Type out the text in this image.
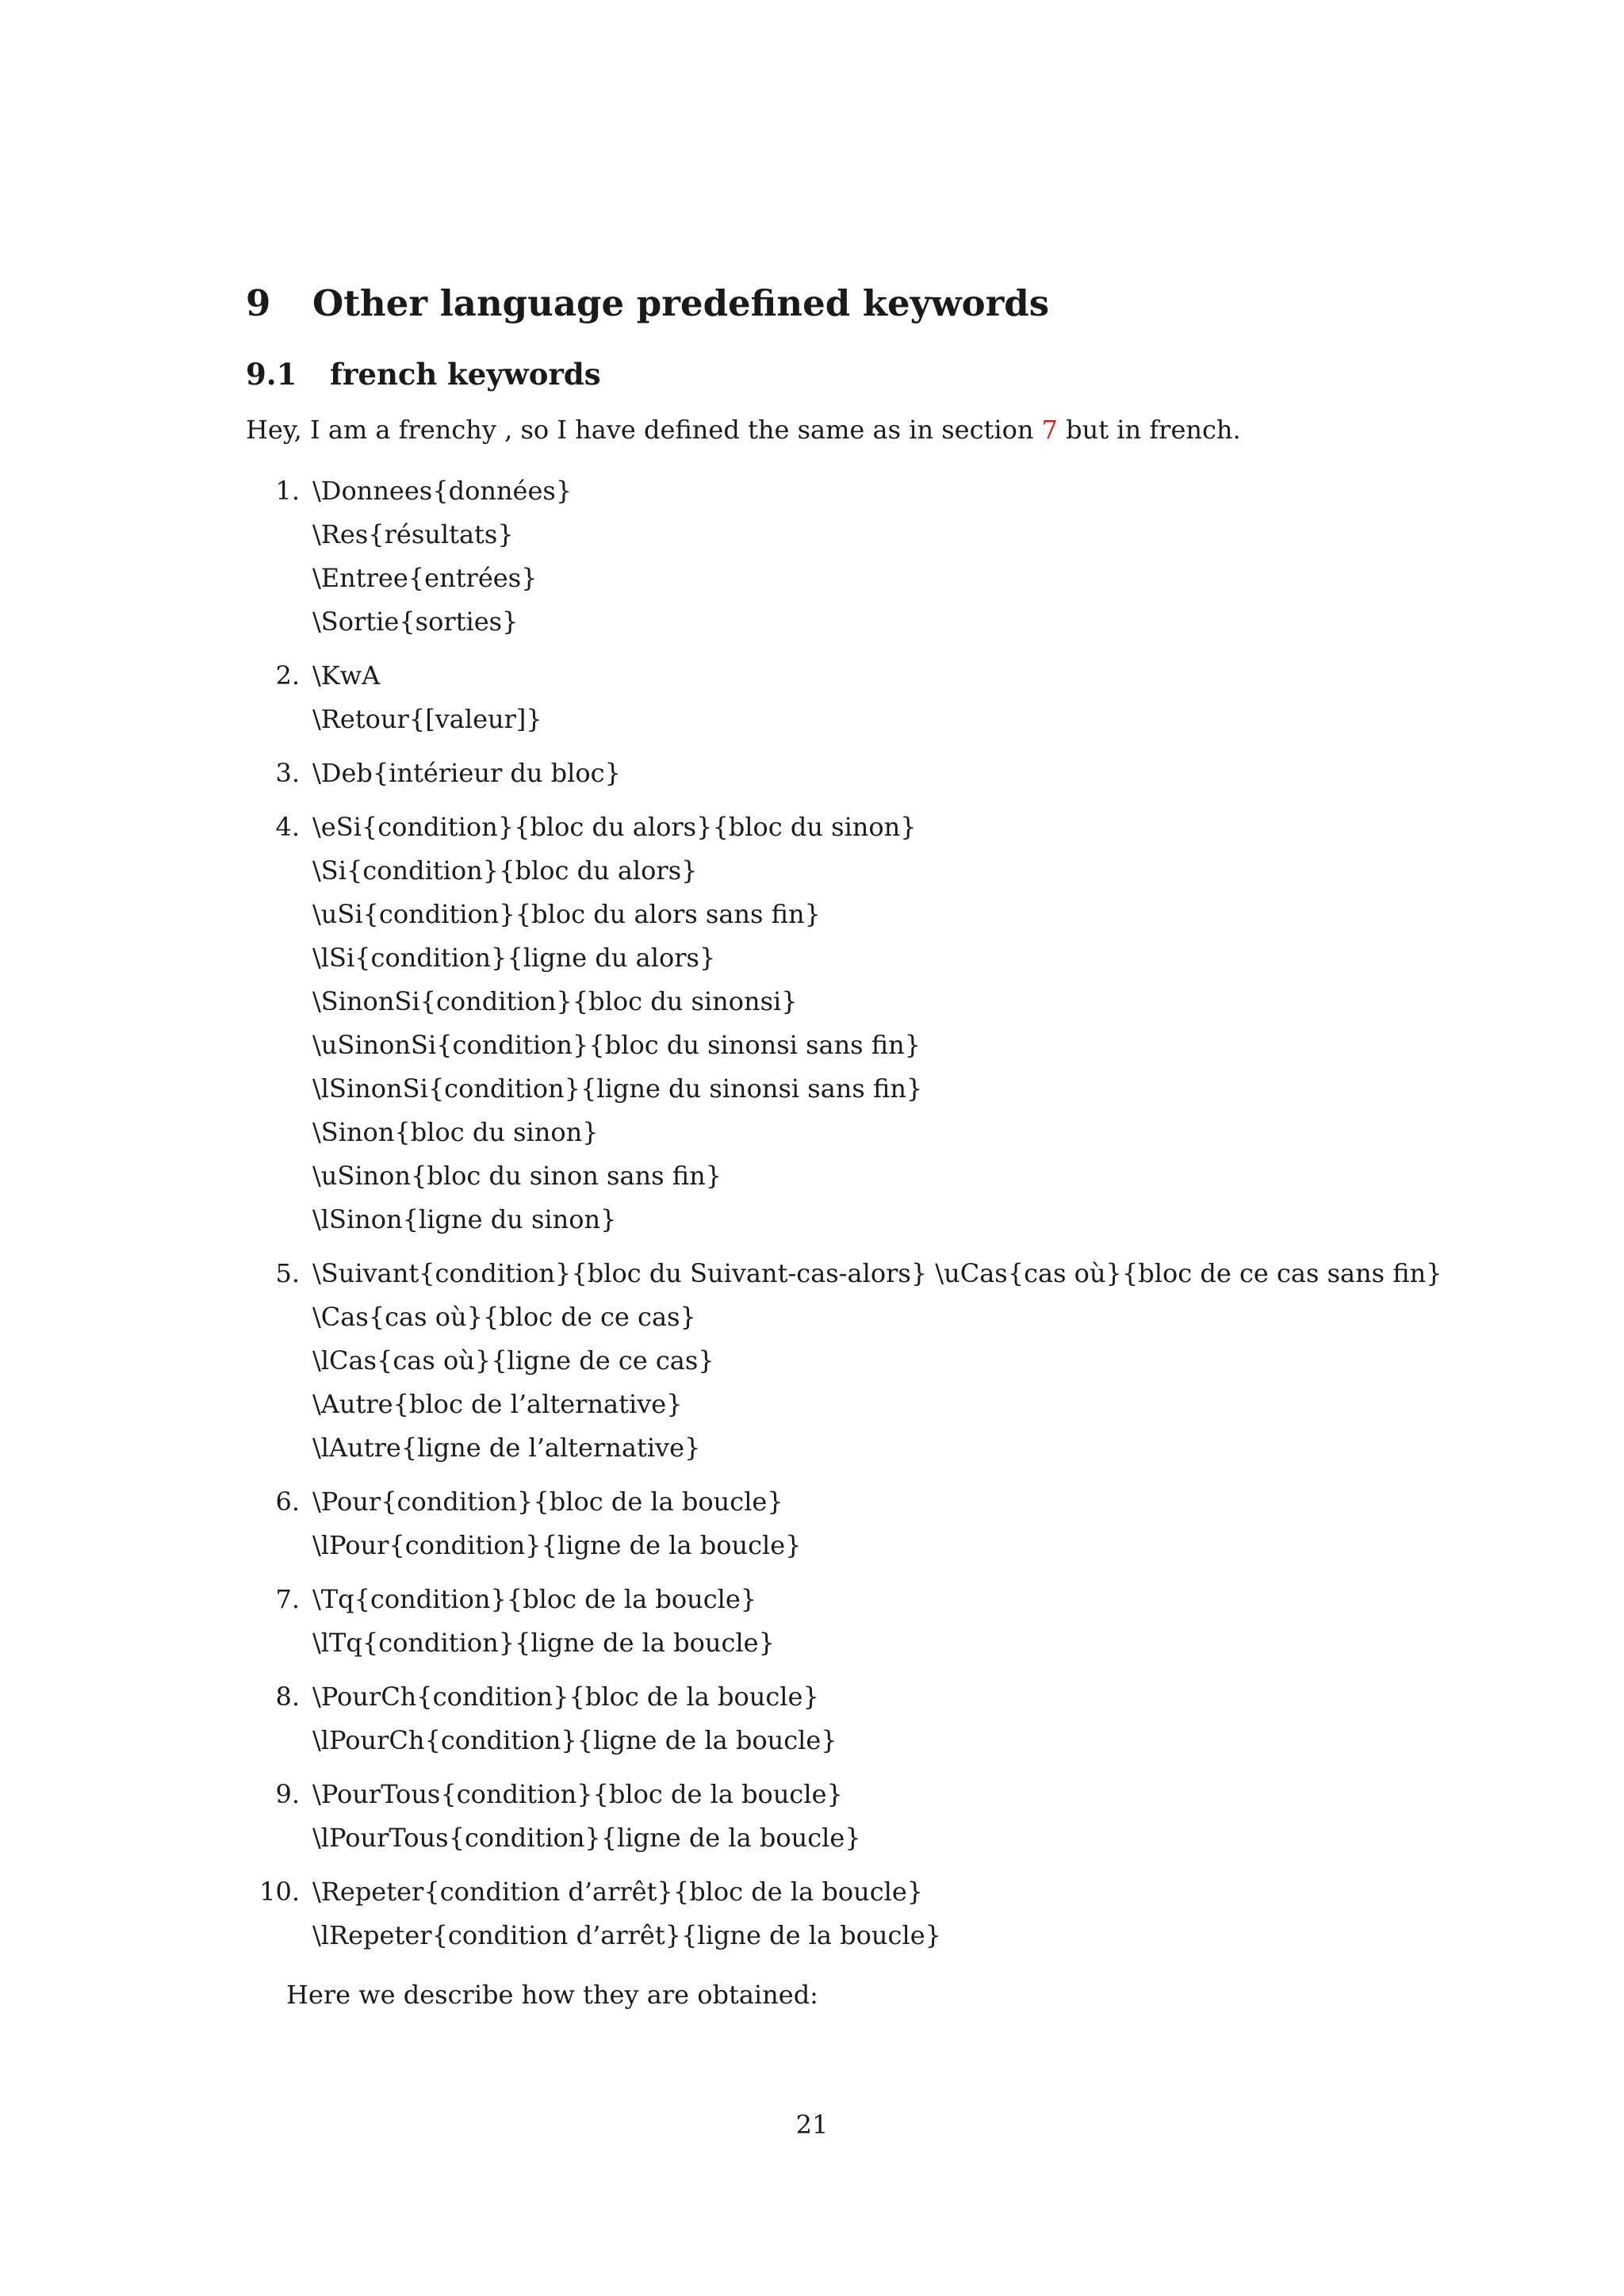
9 Other language predefined keywords
9.1 french keywords

Hey, I am a frenchy , so I have defined the same as in section 7 but in french.

1. \Donnees{données}
\Res{résultats}
\Entree{entrées}
\Sortie{sorties}
2. \KwA
\Retour{[valeur]}
3. \Deb{intérieur du bloc}
4. \eSi{condition}{bloc du alors}{bloc du sinon}
\Si{condition}{bloc du alors}
\uSi{condition}{bloc du alors sans fin}
\lSi{condition}{ligne du alors}
\SinonSi{condition}{bloc du sinonsi}
\uSinonSi{condition}{bloc du sinonsi sans fin}
\lSinonSi{condition}{ligne du sinonsi sans fin}
\Sinon{bloc du sinon}
\uSinon{bloc du sinon sans fin}
\lSinon{ligne du sinon}
5. \Suivant{condition}{bloc du Suivant-cas-alors} \uCas{cas où}{bloc de ce cas sans fin}
\Cas{cas où}{bloc de ce cas}
\lCas{cas où}{ligne de ce cas}
\Autre{bloc de l’alternative}
\lAutre{ligne de l’alternative}
6. \Pour{condition}{bloc de la boucle}
\lPour{condition}{ligne de la boucle}
7. \Tq{condition}{bloc de la boucle}
\lTq{condition}{ligne de la boucle}
8. \PourCh{condition}{bloc de la boucle}
\lPourCh{condition}{ligne de la boucle}
9. \PourTous{condition}{bloc de la boucle}
\lPourTous{condition}{ligne de la boucle}
10. \Repeter{condition d’arrêt}{bloc de la boucle}
\lRepeter{condition d’arrêt}{ligne de la boucle}

Here we describe how they are obtained:

21
